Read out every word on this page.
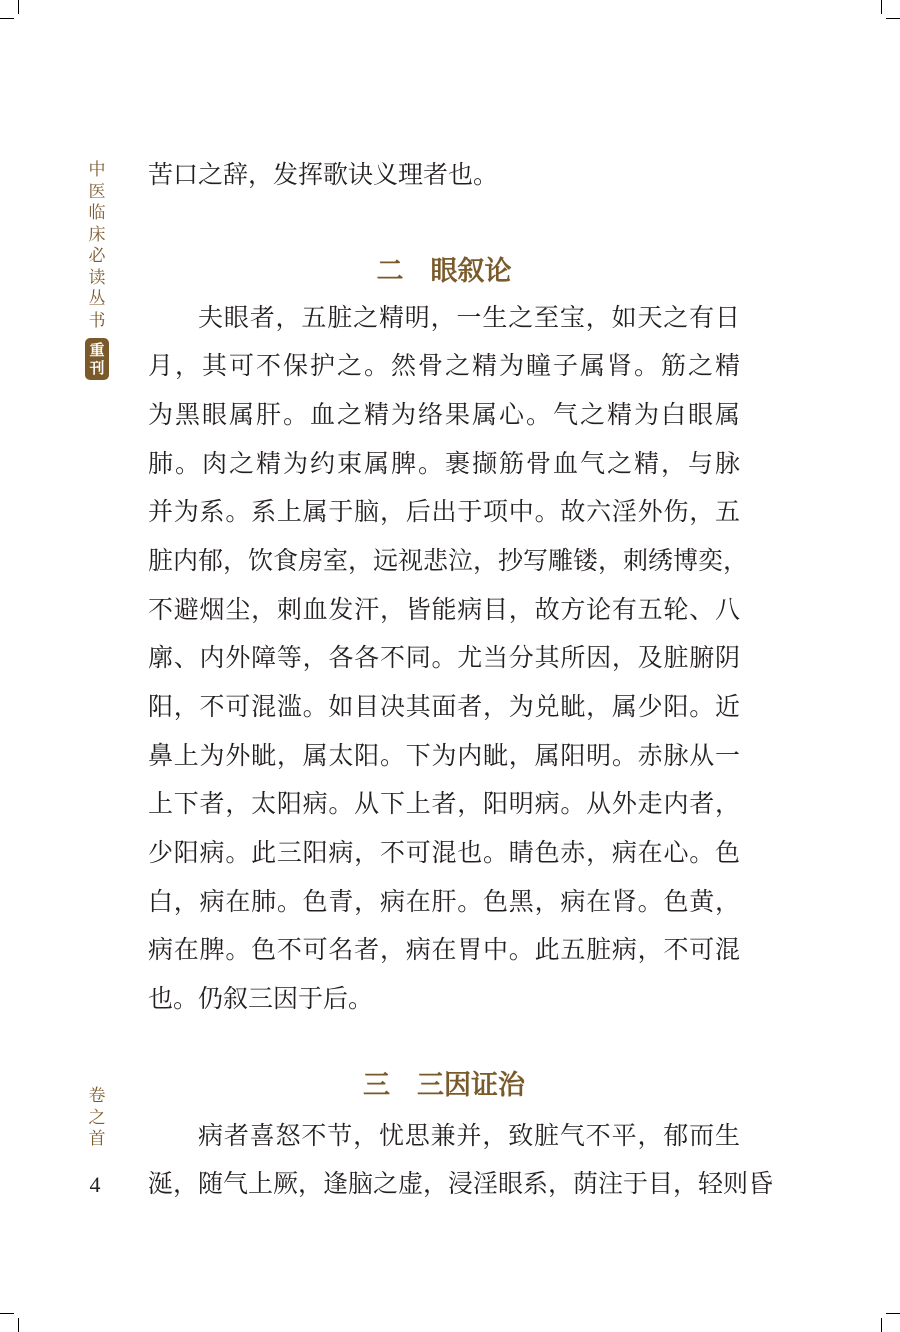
中
医
临
床
必
读
丛
书
重
刊
卷
之
首
4
苦口之辞，发挥歌诀义理者也。
二　眼叙论
夫眼者，五脏之精明，一生之至宝，如天之有日
月，其可不保护之。然骨之精为瞳子属肾。筋之精
为黑眼属肝。血之精为络果属心。气之精为白眼属
肺。肉之精为约束属脾。裹撷筋骨血气之精，与脉
并为系。系上属于脑，后出于项中。故六淫外伤，五
脏内郁，饮食房室，远视悲泣，抄写雕镂，刺绣博奕，
不避烟尘，刺血发汗，皆能病目，故方论有五轮、八
廓、内外障等，各各不同。尤当分其所因，及脏腑阴
阳，不可混滥。如目决其面者，为兑眦，属少阳。近
鼻上为外眦，属太阳。下为内眦，属阳明。赤脉从一
上下者，太阳病。从下上者，阳明病。从外走内者，
少阳病。此三阳病，不可混也。睛色赤，病在心。色
白，病在肺。色青，病在肝。色黑，病在肾。色黄，
病在脾。色不可名者，病在胃中。此五脏病，不可混
也。仍叙三因于后。
三　三因证治
病者喜怒不节，忧思兼并，致脏气不平，郁而生
涎，随气上厥，逢脑之虚，浸淫眼系，荫注于目，轻则昏
